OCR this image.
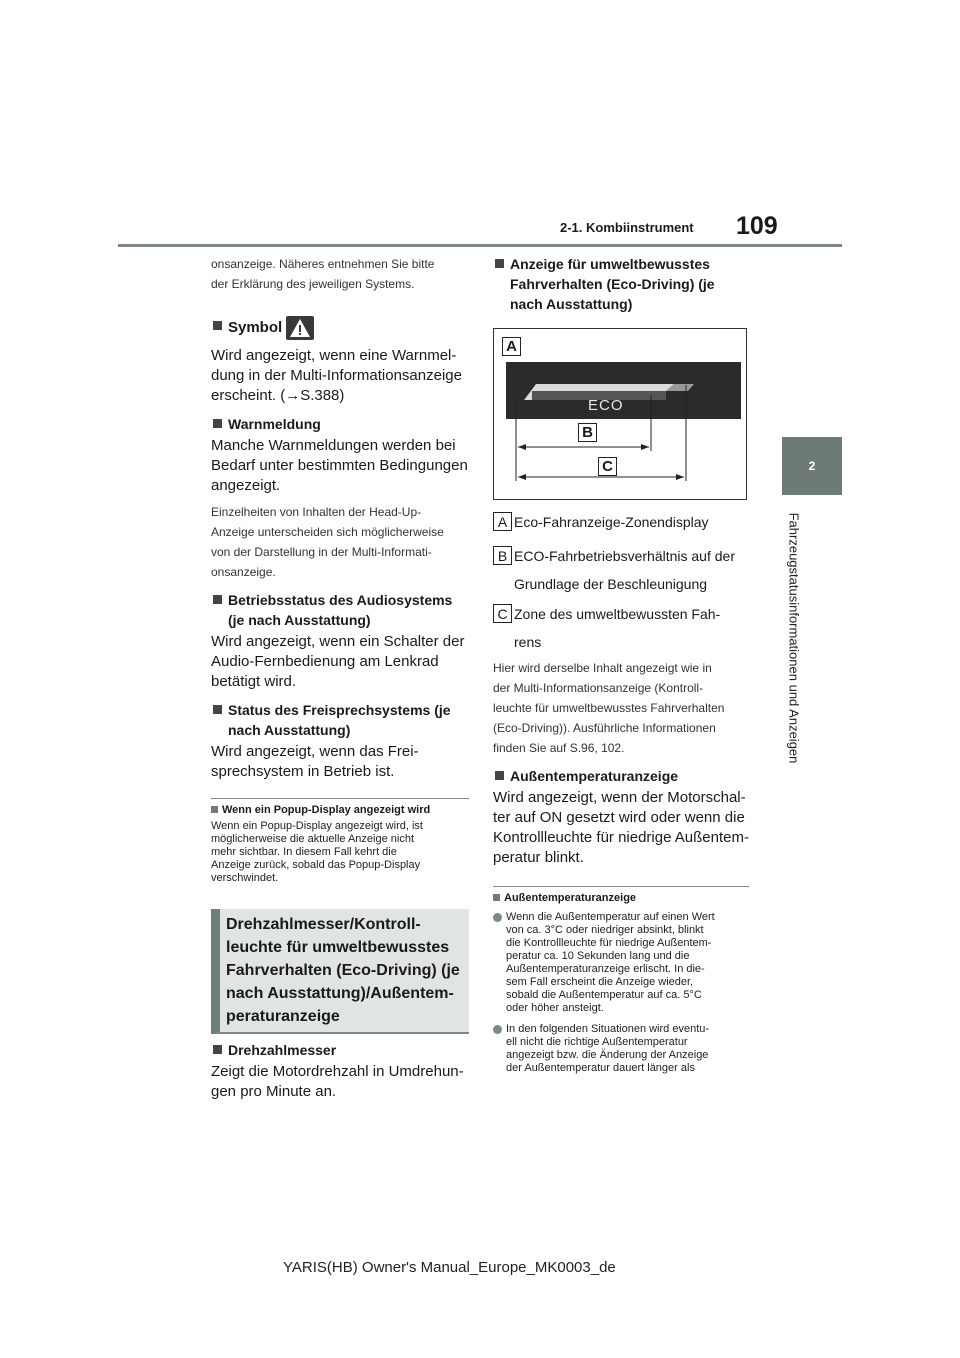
2-1. Kombiinstrument 109
2
Fahrzeugstatusinformationen und Anzeigen

onsanzeige. Näheres entnehmen Sie bitte

der Erklärung des jeweiligen Systems.

Symbol

Wird angezeigt, wenn eine Warnmel-

dung in der Multi-Informationsanzeige

erscheint. (→S.388)

Warnmeldung

Manche Warnmeldungen werden bei

Bedarf unter bestimmten Bedingungen

angezeigt.

Einzelheiten von Inhalten der Head-Up-

Anzeige unterscheiden sich möglicherweise

von der Darstellung in der Multi-Informati-

onsanzeige.

Betriebsstatus des Audiosystems
(je nach Ausstattung)

Wird angezeigt, wenn ein Schalter der

Audio-Fernbedienung am Lenkrad

betätigt wird.

Status des Freisprechsystems (je
nach Ausstattung)

Wird angezeigt, wenn das Frei-

sprechsystem in Betrieb ist.

Wenn ein Popup-Display angezeigt wird

Wenn ein Popup-Display angezeigt wird, ist

möglicherweise die aktuelle Anzeige nicht

mehr sichtbar. In diesem Fall kehrt die

Anzeige zurück, sobald das Popup-Display

verschwindet.

Drehzahlmesser/Kontroll-
leuchte für umweltbewusstes
Fahrverhalten (Eco-Driving) (je
nach Ausstattung)/Außentem-
peraturanzeige
Drehzahlmesser

Zeigt die Motordrehzahl in Umdrehun-

gen pro Minute an.

Anzeige für umweltbewusstes
Fahrverhalten (Eco-Driving) (je
nach Ausstattung)
ECO
A
B
C
A Eco-Fahranzeige-Zonendisplay
B ECO-Fahrbetriebsverhältnis auf der
Grundlage der Beschleunigung
C Zone des umweltbewussten Fah-
rens

Hier wird derselbe Inhalt angezeigt wie in

der Multi-Informationsanzeige (Kontroll-

leuchte für umweltbewusstes Fahrverhalten

(Eco-Driving)). Ausführliche Informationen

finden Sie auf S.96, 102.

Außentemperaturanzeige

Wird angezeigt, wenn der Motorschal-

ter auf ON gesetzt wird oder wenn die

Kontrollleuchte für niedrige Außentem-

peratur blinkt.

Außentemperaturanzeige
Wenn die Außentemperatur auf einen Wert
von ca. 3°C oder niedriger absinkt, blinkt
die Kontrollleuchte für niedrige Außentem-
peratur ca. 10 Sekunden lang und die
Außentemperaturanzeige erlischt. In die-
sem Fall erscheint die Anzeige wieder,
sobald die Außentemperatur auf ca. 5°C
oder höher ansteigt.
In den folgenden Situationen wird eventu-
ell nicht die richtige Außentemperatur
angezeigt bzw. die Änderung der Anzeige
der Außentemperatur dauert länger als
YARIS(HB) Owner's Manual_Europe_MK0003_de
